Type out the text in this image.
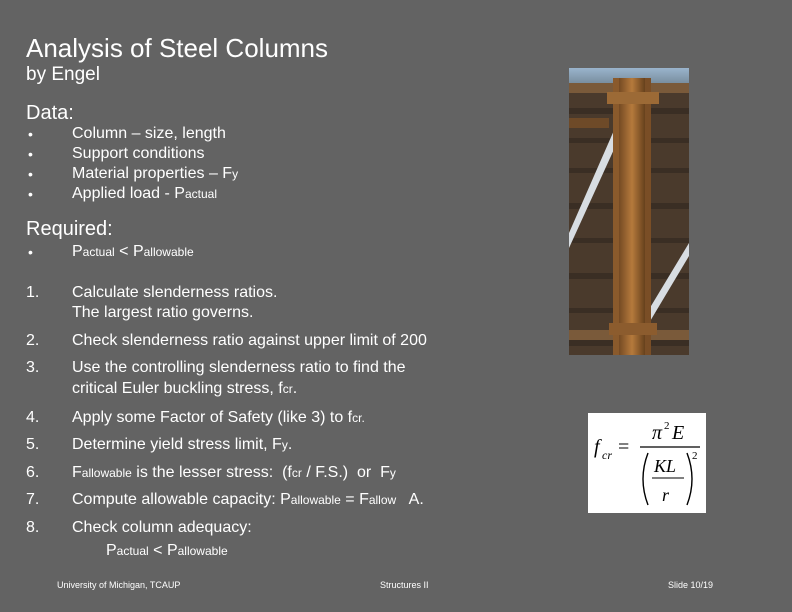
Analysis of Steel Columns
by Engel
Data:
• Column – size, length
• Support conditions
• Material properties – Fy
• Applied load - Pactual
Required:
• Pactual < Pallowable
1. Calculate slenderness ratios.
The largest ratio governs.
2. Check slenderness ratio against upper limit of 200
3. Use the controlling slenderness ratio to find the
critical Euler buckling stress, fcr.
4. Apply some Factor of Safety (like 3) to fcr.
5. Determine yield stress limit, Fy.
6. Fallowable is the lesser stress:  (fcr / F.S.)  or  Fy
7. Compute allowable capacity: Pallowable = Fallow   A.
8. Check column adequacy:
Pactual < Pallowable
f cr =
π 2 E
KL
r
2
University of Michigan, TCAUP	Structures II	Slide 10/19
